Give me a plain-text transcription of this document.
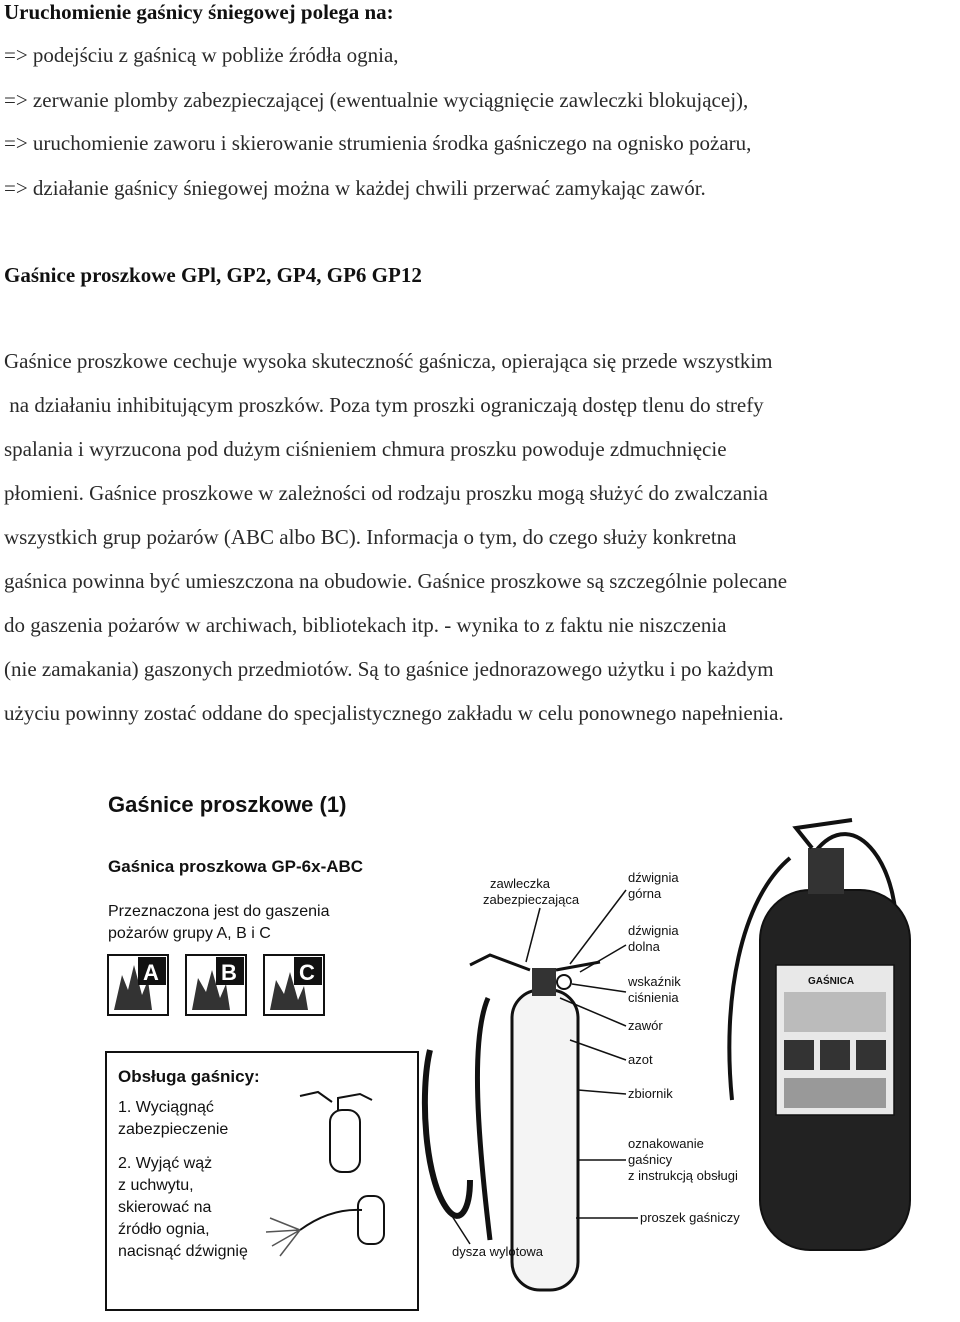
Uruchomienie gaśnicy śniegowej polega na:
=> podejściu z gaśnicą w pobliże źródła ognia,
=> zerwanie plomby zabezpieczającej (ewentualnie wyciągnięcie zawleczki blokującej),
=> uruchomienie zaworu i skierowanie strumienia środka gaśniczego na ognisko pożaru,
=> działanie gaśnicy śniegowej można w każdej chwili przerwać zamykając zawór.
Gaśnice proszkowe GPl, GP2, GP4, GP6 GP12
Gaśnice proszkowe cechuje wysoka skuteczność gaśnicza, opierająca się przede wszystkim
na działaniu inhibitującym proszków. Poza tym proszki ograniczają dostęp tlenu do strefy
spalania i wyrzucona pod dużym ciśnieniem chmura proszku powoduje zdmuchnięcie
płomieni. Gaśnice proszkowe w zależności od rodzaju proszku mogą służyć do zwalczania
wszystkich grup pożarów (ABC albo BC). Informacja o tym, do czego służy konkretna
gaśnica powinna być umieszczona na obudowie. Gaśnice proszkowe są szczególnie polecane
do gaszenia pożarów w archiwach, bibliotekach itp. - wynika to z faktu nie niszczenia
(nie zamakania) gaszonych przedmiotów. Są to gaśnice jednorazowego użytku i po każdym
użyciu powinny zostać oddane do specjalistycznego zakładu w celu ponownego napełnienia.
Gaśnice proszkowe (1)
Gaśnica proszkowa GP-6x-ABC
Przeznaczona jest do gaszenia
pożarów grupy A, B i C
A	B	C
Obsługa gaśnicy:
1. Wyciągnąć
zabezpieczenie
2. Wyjąć wąż
z uchwytu,
skierować na
źródło ognia,
nacisnąć dźwignię
GAŚNICA
zawleczka
zabezpieczająca
dźwignia
górna
dźwignia
dolna
wskaźnik
ciśnienia
zawór
azot
zbiornik
oznakowanie
gaśnicy
z instrukcją obsługi
proszek gaśniczy
dysza wylotowa
